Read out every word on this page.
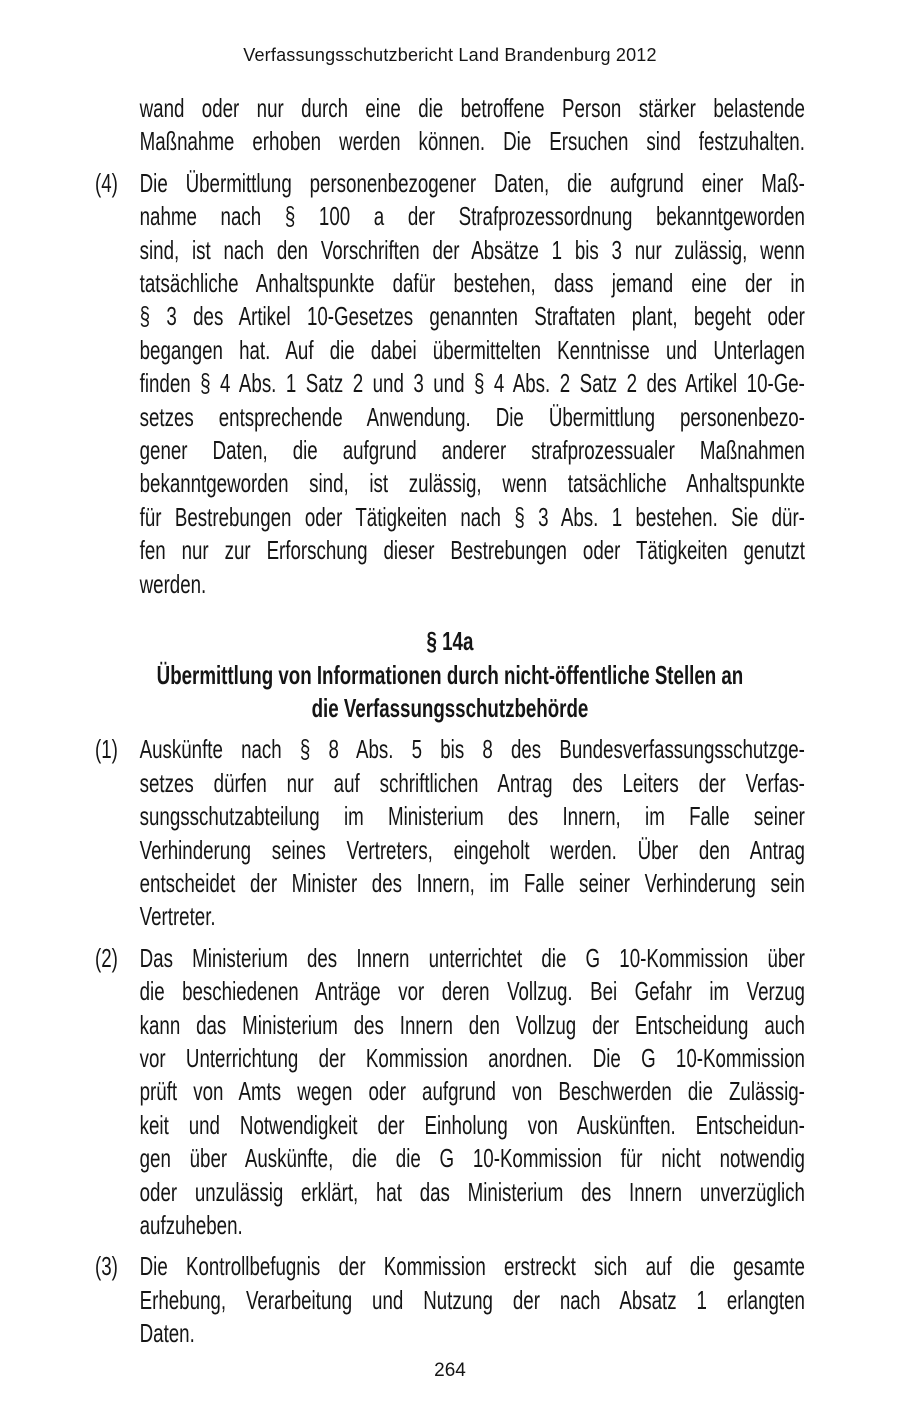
Verfassungsschutzbericht Land Brandenburg 2012
wand oder nur durch eine die betroffene Person stärker belastende
Maßnahme erhoben werden können. Die Ersuchen sind festzuhalten.
(4) Die Übermittlung personenbezogener Daten, die aufgrund einer Maß-
nahme nach § 100 a der Strafprozessordnung bekanntgeworden
sind, ist nach den Vorschriften der Absätze 1 bis 3 nur zulässig, wenn
tatsächliche Anhaltspunkte dafür bestehen, dass jemand eine der in
§ 3 des Artikel 10-Gesetzes genannten Straftaten plant, begeht oder
begangen hat. Auf die dabei übermittelten Kenntnisse und Unterlagen
finden § 4 Abs. 1 Satz 2 und 3 und § 4 Abs. 2 Satz 2 des Artikel 10-Ge-
setzes entsprechende Anwendung. Die Übermittlung personenbezo-
gener Daten, die aufgrund anderer strafprozessualer Maßnahmen
bekanntgeworden sind, ist zulässig, wenn tatsächliche Anhaltspunkte
für Bestrebungen oder Tätigkeiten nach § 3 Abs. 1 bestehen. Sie dür-
fen nur zur Erforschung dieser Bestrebungen oder Tätigkeiten genutzt
werden.
§ 14a
Übermittlung von Informationen durch nicht-öffentliche Stellen an
die Verfassungsschutzbehörde
(1) Auskünfte nach § 8 Abs. 5 bis 8 des Bundesverfassungsschutzge-
setzes dürfen nur auf schriftlichen Antrag des Leiters der Verfas-
sungsschutzabteilung im Ministerium des Innern, im Falle seiner
Verhinderung seines Vertreters, eingeholt werden. Über den Antrag
entscheidet der Minister des Innern, im Falle seiner Verhinderung sein
Vertreter.
(2) Das Ministerium des Innern unterrichtet die G 10-Kommission über
die beschiedenen Anträge vor deren Vollzug. Bei Gefahr im Verzug
kann das Ministerium des Innern den Vollzug der Entscheidung auch
vor Unterrichtung der Kommission anordnen. Die G 10-Kommission
prüft von Amts wegen oder aufgrund von Beschwerden die Zulässig-
keit und Notwendigkeit der Einholung von Auskünften. Entscheidun-
gen über Auskünfte, die die G 10-Kommission für nicht notwendig
oder unzulässig erklärt, hat das Ministerium des Innern unverzüglich
aufzuheben.
(3) Die Kontrollbefugnis der Kommission erstreckt sich auf die gesamte
Erhebung, Verarbeitung und Nutzung der nach Absatz 1 erlangten
Daten.
264
